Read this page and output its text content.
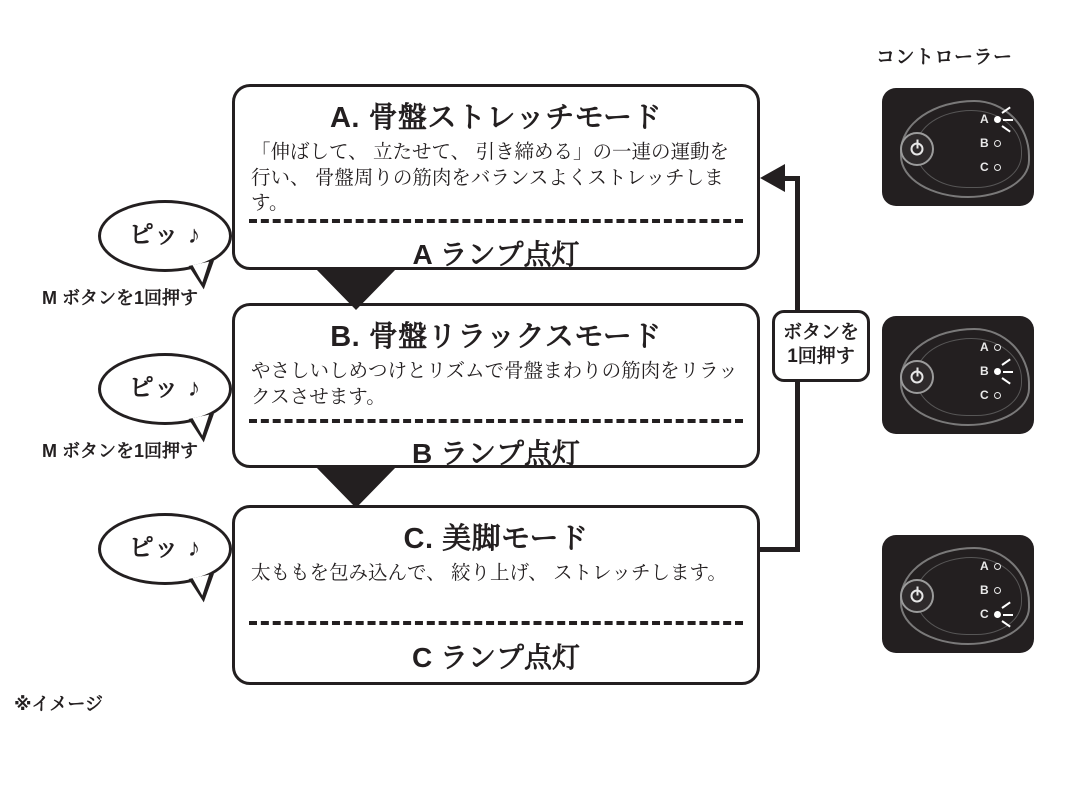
ボタンを
1回押す
A. 骨盤ストレッチモード
「伸ばして、 立たせて、 引き締める」の一連の運動を行い、 骨盤周りの筋肉をバランスよくストレッチします。
A ランプ点灯
B. 骨盤リラックスモード
やさしいしめつけとリズムで骨盤まわりの筋肉をリラックスさせます。
B ランプ点灯
C. 美脚モード
太ももを包み込んで、 絞り上げ、 ストレッチします。
C ランプ点灯
ピッ ♪
ピッ ♪
ピッ ♪
M ボタンを1回押す
M ボタンを1回押す
コントローラー
A
B
C
A
B
C
A
B
C
※イメージ
